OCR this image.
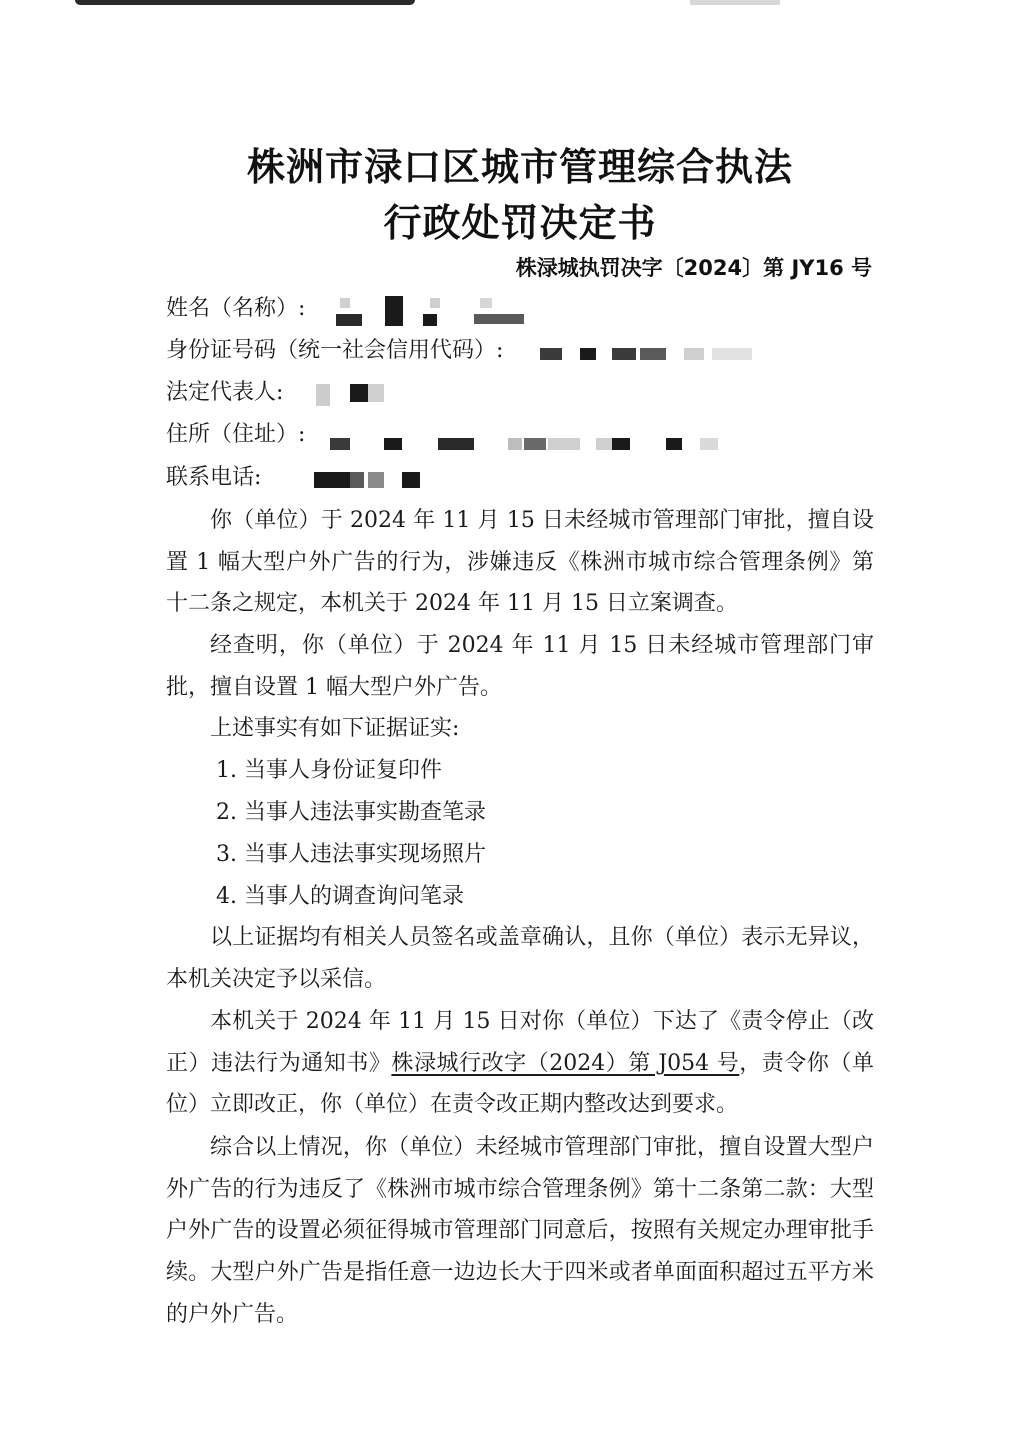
株洲市渌口区城市管理综合执法
行政处罚决定书
株渌城执罚决字〔2024〕第 JY16 号
姓名（名称）:
身份证号码（统一社会信用代码）:
法定代表人:
住所（住址）:
联系电话:
你（单位）于 2024 年 11 月 15 日未经城市管理部门审批，擅自设置 1 幅大型户外广告的行为，涉嫌违反《株洲市城市综合管理条例》第十二条之规定，本机关于 2024 年 11 月 15 日立案调查。
经查明，你（单位）于 2024 年 11 月 15 日未经城市管理部门审批，擅自设置 1 幅大型户外广告。
上述事实有如下证据证实:
1. 当事人身份证复印件
2. 当事人违法事实勘查笔录
3. 当事人违法事实现场照片
4. 当事人的调查询问笔录
以上证据均有相关人员签名或盖章确认，且你（单位）表示无异议，本机关决定予以采信。
本机关于 2024 年 11 月 15 日对你（单位）下达了《责令停止（改正）违法行为通知书》株渌城行改字（2024）第 J054 号，责令你（单位）立即改正，你（单位）在责令改正期内整改达到要求。
综合以上情况，你（单位）未经城市管理部门审批，擅自设置大型户外广告的行为违反了《株洲市城市综合管理条例》第十二条第二款：大型户外广告的设置必须征得城市管理部门同意后，按照有关规定办理审批手续。大型户外广告是指任意一边边长大于四米或者单面面积超过五平方米的户外广告。
